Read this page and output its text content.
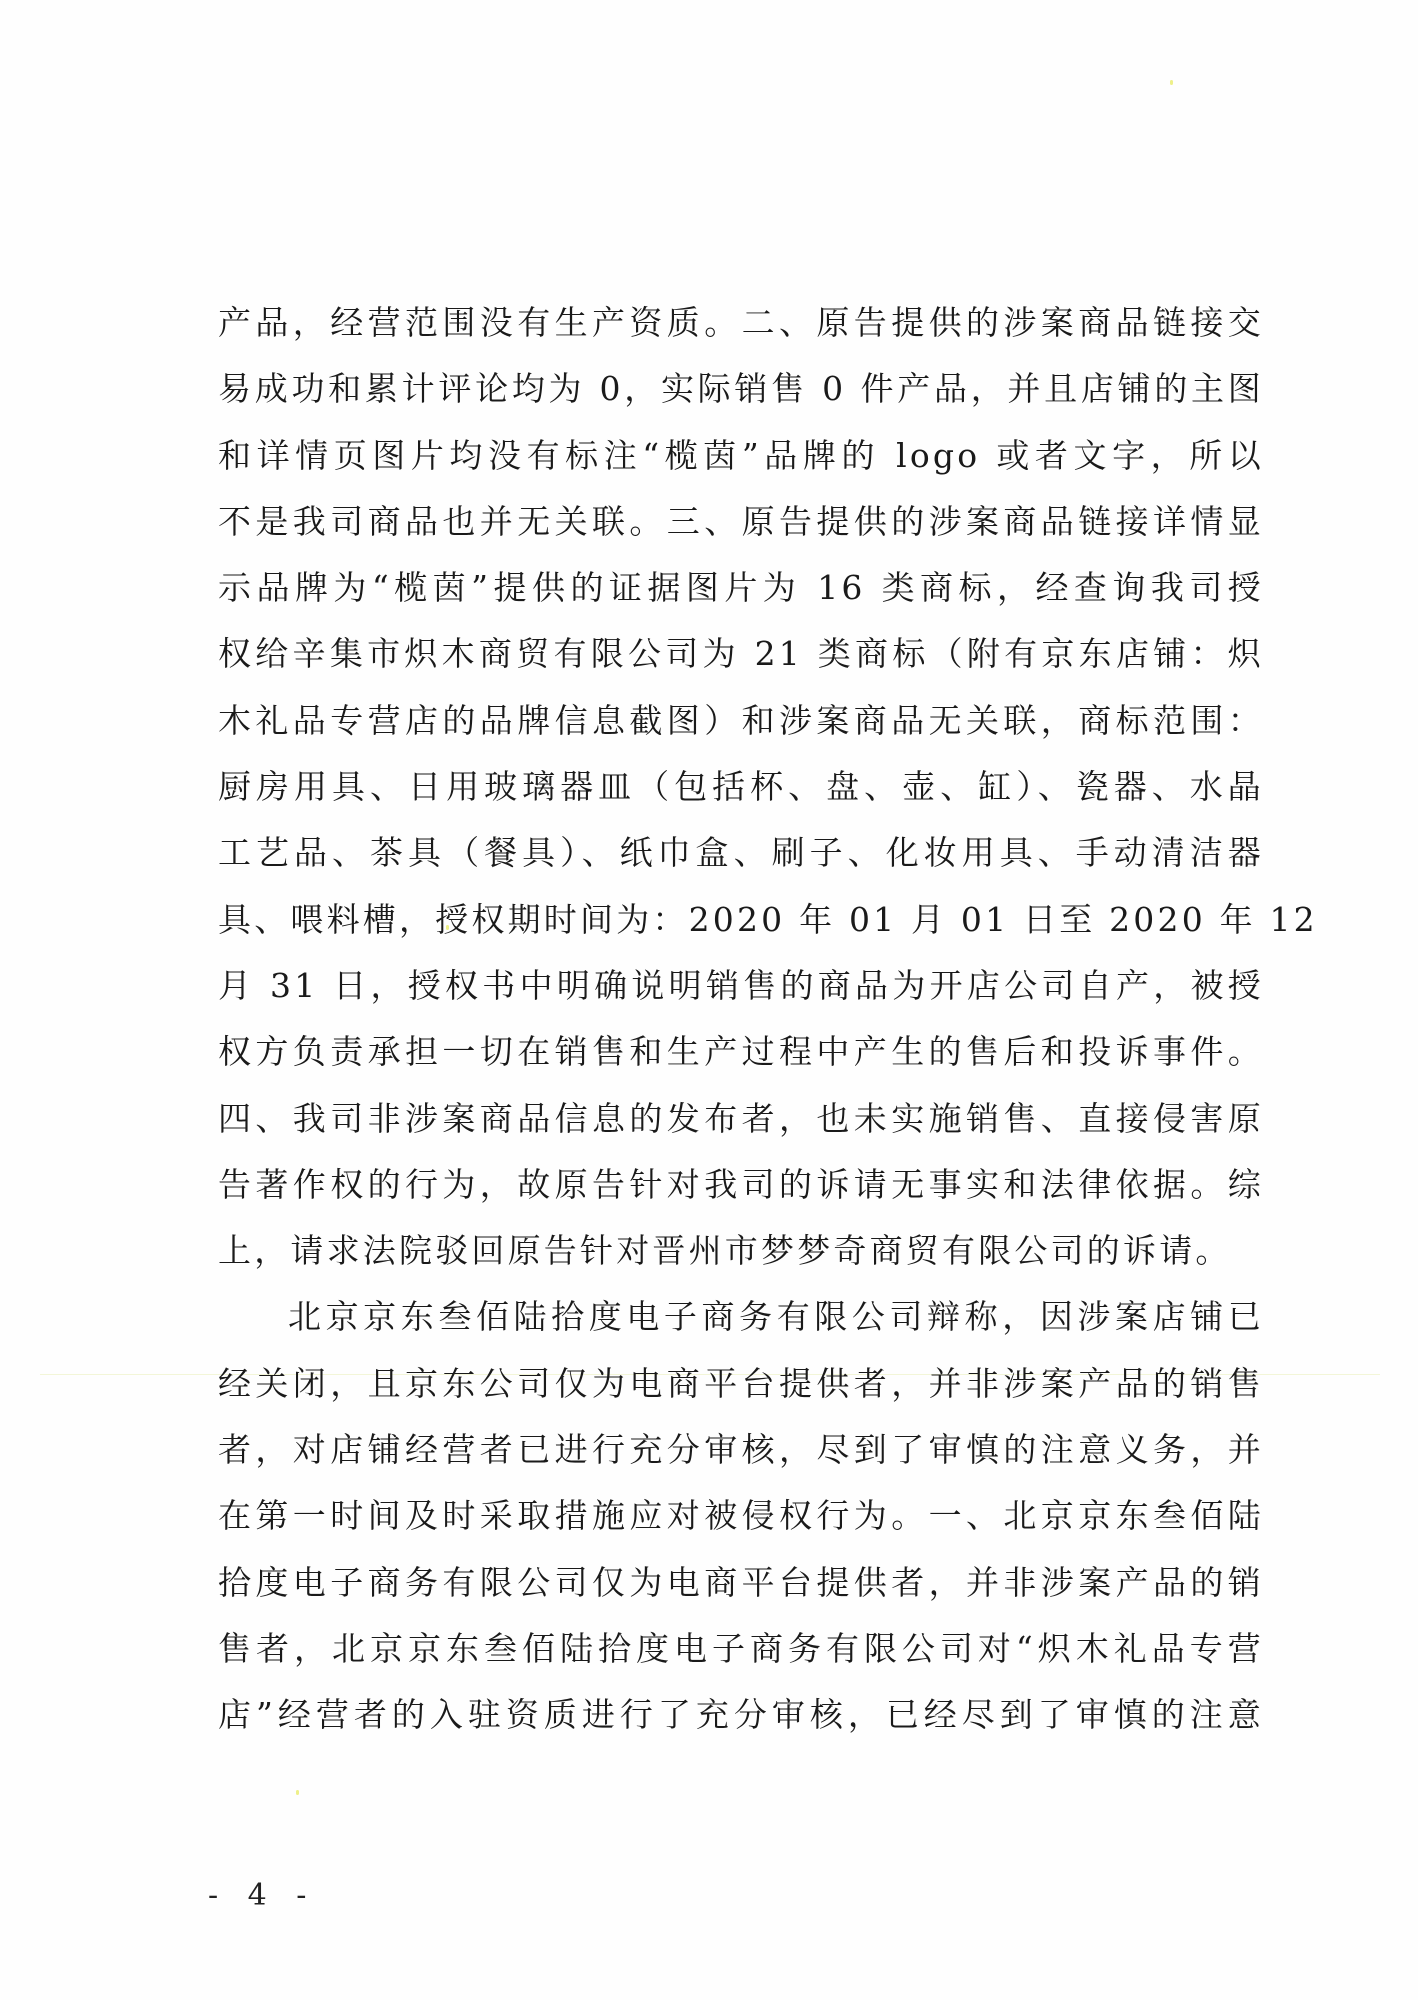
产品，经营范围没有生产资质。二、原告提供的涉案商品链接交
易成功和累计评论均为 0，实际销售 0 件产品，并且店铺的主图
和详情页图片均没有标注“榄茵”品牌的 logo 或者文字，所以
不是我司商品也并无关联。三、原告提供的涉案商品链接详情显
示品牌为“榄茵”提供的证据图片为 16 类商标，经查询我司授
权给辛集市炽木商贸有限公司为 21 类商标（附有京东店铺：炽
木礼品专营店的品牌信息截图）和涉案商品无关联，商标范围：
厨房用具、日用玻璃器皿（包括杯、盘、壶、缸）、瓷器、水晶
工艺品、茶具（餐具）、纸巾盒、刷子、化妆用具、手动清洁器
具、喂料槽，授权期时间为：2020 年 01 月 01 日至 2020 年 12
月 31 日，授权书中明确说明销售的商品为开店公司自产，被授
权方负责承担一切在销售和生产过程中产生的售后和投诉事件。
四、我司非涉案商品信息的发布者，也未实施销售、直接侵害原
告著作权的行为，故原告针对我司的诉请无事实和法律依据。综
上，请求法院驳回原告针对晋州市梦梦奇商贸有限公司的诉请。
北京京东叁佰陆拾度电子商务有限公司辩称，因涉案店铺已
经关闭，且京东公司仅为电商平台提供者，并非涉案产品的销售
者，对店铺经营者已进行充分审核，尽到了审慎的注意义务，并
在第一时间及时采取措施应对被侵权行为。一、北京京东叁佰陆
拾度电子商务有限公司仅为电商平台提供者，并非涉案产品的销
售者，北京京东叁佰陆拾度电子商务有限公司对“炽木礼品专营
店”经营者的入驻资质进行了充分审核，已经尽到了审慎的注意
- 4 -
